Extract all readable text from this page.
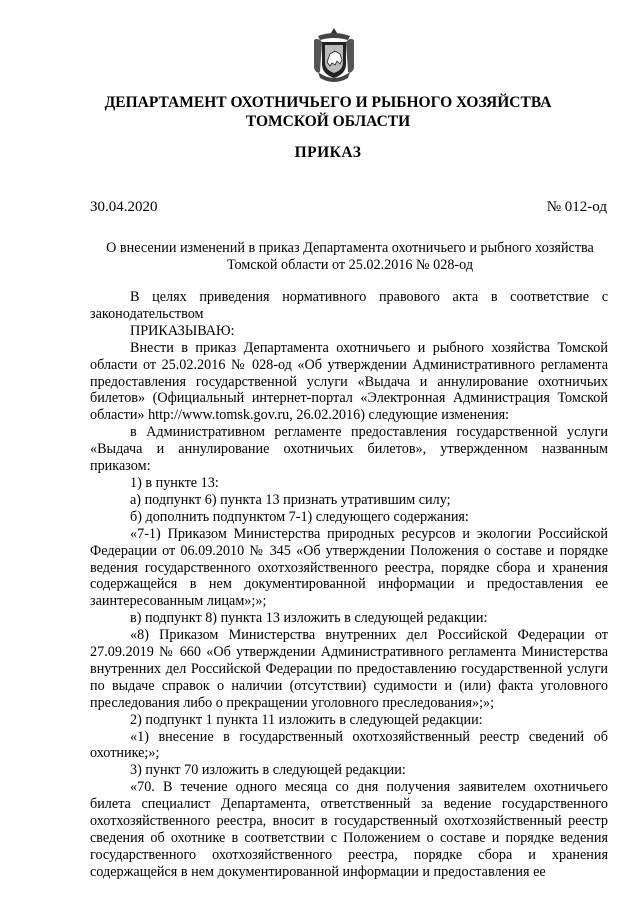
ДЕПАРТАМЕНТ ОХОТНИЧЬЕГО И РЫБНОГО ХОЗЯЙСТВА
ТОМСКОЙ ОБЛАСТИ
ПРИКАЗ
30.04.2020	№ 012-од
О внесении изменений в приказ Департамента охотничьего и рыбного хозяйства
Томской области от 25.02.2016 № 028-од

В целях приведения нормативного правового акта в соответствие с законодательством

ПРИКАЗЫВАЮ:

Внести в приказ Департамента охотничьего и рыбного хозяйства Томской области от 25.02.2016 № 028-од «Об утверждении Административного регламента предоставления государственной услуги «Выдача и аннулирование охотничьих билетов» (Официальный интернет-портал «Электронная Администрация Томской области» http://www.tomsk.gov.ru, 26.02.2016) следующие изменения:

в Административном регламенте предоставления государственной услуги «Выдача и аннулирование охотничьих билетов», утвержденном названным приказом:

1) в пункте 13:

а) подпункт 6) пункта 13 признать утратившим силу;

б) дополнить подпунктом 7-1) следующего содержания:

«7-1) Приказом Министерства природных ресурсов и экологии Российской Федерации от 06.09.2010 № 345 «Об утверждении Положения о составе и порядке ведения государственного охотхозяйственного реестра, порядке сбора и хранения содержащейся в нем документированной информации и предоставления ее заинтересованным лицам»;»;

в) подпункт 8) пункта 13 изложить в следующей редакции:

«8) Приказом Министерства внутренних дел Российской Федерации от 27.09.2019 № 660 «Об утверждении Административного регламента Министерства внутренних дел Российской Федерации по предоставлению государственной услуги по выдаче справок о наличии (отсутствии) судимости и (или) факта уголовного преследования либо о прекращении уголовного преследования»;»;

2) подпункт 1 пункта 11 изложить в следующей редакции:

«1) внесение в государственный охотхозяйственный реестр сведений об охотнике;»;

3) пункт 70 изложить в следующей редакции:

«70. В течение одного месяца со дня получения заявителем охотничьего билета специалист Департамента, ответственный за ведение государственного охотхозяйственного реестра, вносит в государственный охотхозяйственный реестр сведения об охотнике в соответствии с Положением о составе и порядке ведения государственного охотхозяйственного реестра, порядке сбора и хранения содержащейся в нем документированной информации и предоставления ее
